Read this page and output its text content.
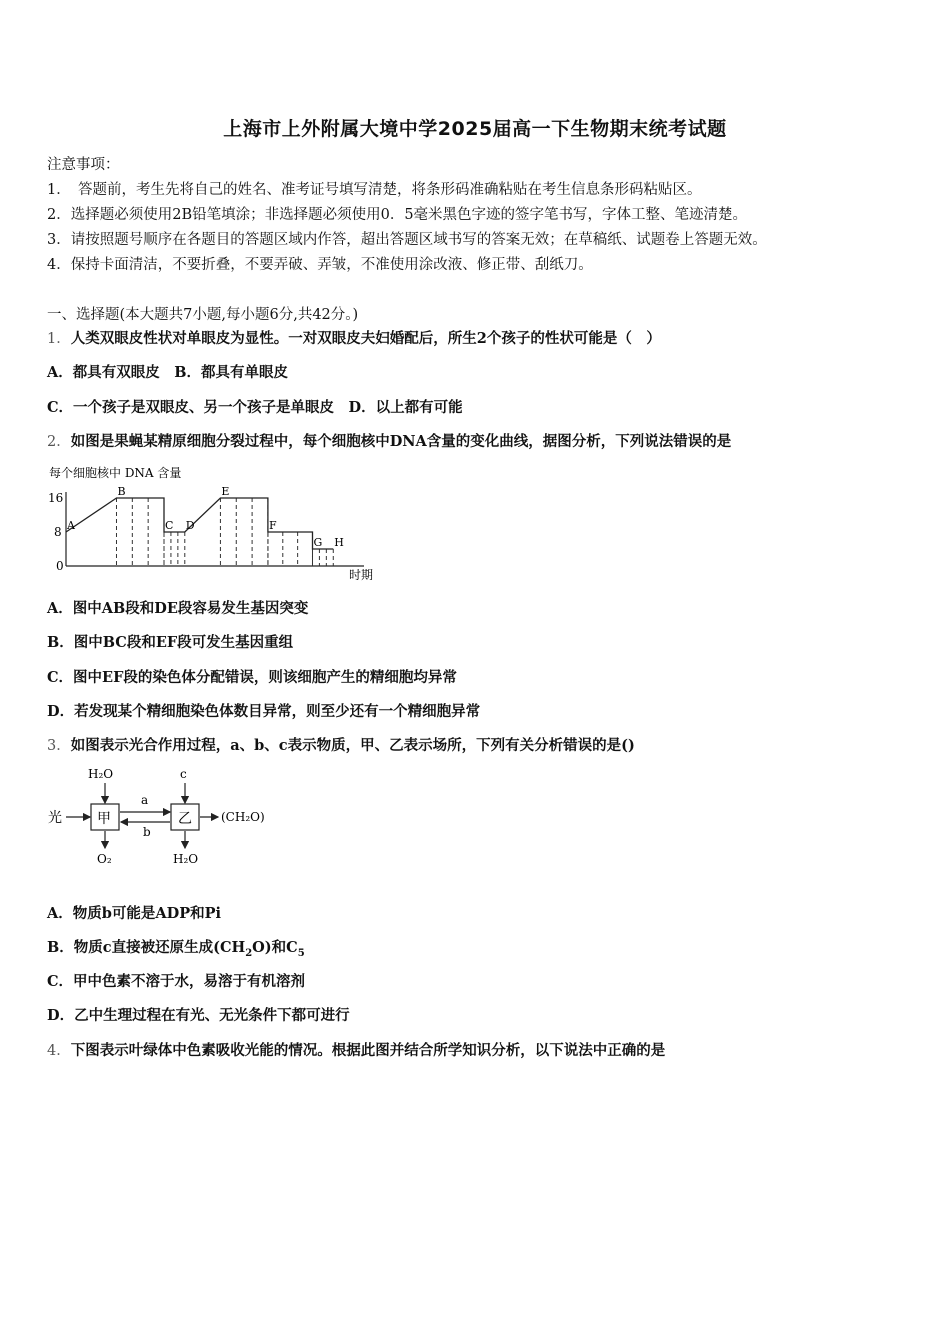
上海市上外附属大境中学2025届高一下生物期末统考试题
注意事项：
1．　答题前，考生先将自己的姓名、准考证号填写清楚，将条形码准确粘贴在考生信息条形码粘贴区。
2．选择题必须使用2B铅笔填涂；非选择题必须使用0．5毫米黑色字迹的签字笔书写，字体工整、笔迹清楚。
3．请按照题号顺序在各题目的答题区域内作答，超出答题区域书写的答案无效；在草稿纸、试题卷上答题无效。
4．保持卡面清洁，不要折叠，不要弄破、弄皱，不准使用涂改液、修正带、刮纸刀。
一、选择题(本大题共7小题,每小题6分,共42分。)
1．人类双眼皮性状对单眼皮为显性。一对双眼皮夫妇婚配后，所生2个孩子的性状可能是（　）
A．都具有双眼皮　B．都具有单眼皮
C．一个孩子是双眼皮、另一个孩子是单眼皮　D．以上都有可能
2．如图是果蝇某精原细胞分裂过程中，每个细胞核中DNA含量的变化曲线，据图分析，下列说法错误的是
每个细胞核中 DNA 含量
16
8
0
A
B
C D
E
F
G H
时期
A．图中AB段和DE段容易发生基因突变
B．图中BC段和EF段可发生基因重组
C．图中EF段的染色体分配错误，则该细胞产生的精细胞均异常
D．若发现某个精细胞染色体数目异常，则至少还有一个精细胞异常
3．如图表示光合作用过程，a、b、c表示物质，甲、乙表示场所，下列有关分析错误的是()
光	甲
H₂O
O₂
a
b
乙
c
H₂O
(CH₂O)
A．物质b可能是ADP和Pi
B．物质c直接被还原生成$(CH_2O)$和$C_5$
C．甲中色素不溶于水，易溶于有机溶剂
D．乙中生理过程在有光、无光条件下都可进行
4．下图表示叶绿体中色素吸收光能的情况。根据此图并结合所学知识分析，以下说法中正确的是
